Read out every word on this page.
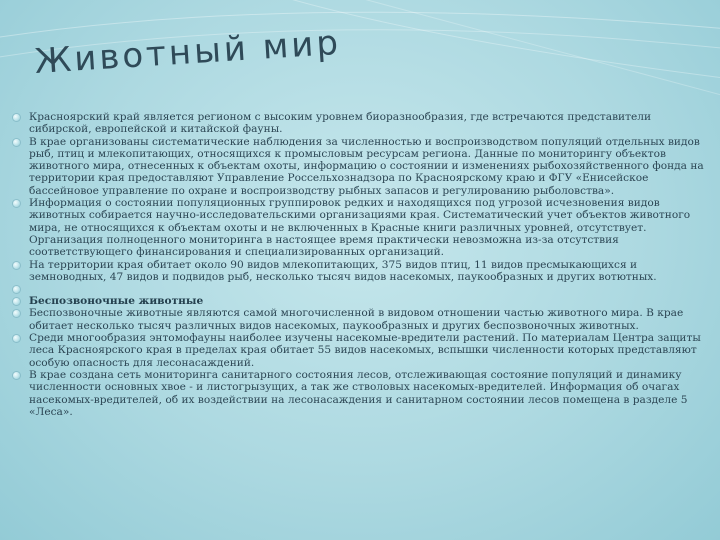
Животный мир
Красноярский край является регионом с высоким уровнем биоразнообразия, где встречаются представители сибирской, европейской и китайской фауны.
В крае организованы систематические наблюдения за численностью и воспроизводством популяций отдельных видов рыб, птиц и млекопитающих, относящихся к промысловым ресурсам региона. Данные по мониторингу объектов животного мира, отнесенных к объектам охоты, информацию о состоянии и изменениях рыбохозяйственного фонда на территории края предоставляют Управление Россельхознадзора по Красноярскому краю и ФГУ «Енисейское бассейновое управление по охране и воспроизводству рыбных запасов и регулированию рыболовства».
Информация о состоянии популяционных группировок редких и находящихся под угрозой исчезновения видов животных собирается научно-исследовательскими организациями края. Систематический учет объектов животного мира, не относящихся к объектам охоты и не включенных в Красные книги различных уровней, отсутствует. Организация полноценного мониторинга в настоящее время практически невозможна из-за отсутствия соответствующего финансирования и специализированных организаций.
На территории края обитает около 90 видов млекопитающих, 375 видов птиц, 11 видов пресмыкающихся и земноводных, 47 видов и подвидов рыб, несколько тысяч видов насекомых, паукообразных и других вотютных.
Беспозвоночные животные
Беспозвоночные животные являются самой многочисленной в видовом отношении частью животного мира. В крае обитает несколько тысяч различных видов насекомых, паукообразных и других беспозвоночных животных.
Среди многообразия энтомофауны наиболее изучены насекомые-вредители растений. По материалам Центра защиты леса Красноярского края в пределах края обитает 55 видов насекомых, вспышки численности которых представляют особую опасность для лесонасаждений.
В крае создана сеть мониторинга санитарного состояния лесов, отслеживающая состояние популяций и динамику численности основных хвое - и листогрызущих, а так же стволовых насекомых-вредителей. Информация об очагах насекомых-вредителей, об их воздействии на лесонасаждения и санитарном состоянии лесов помещена в разделе 5 «Леса».
